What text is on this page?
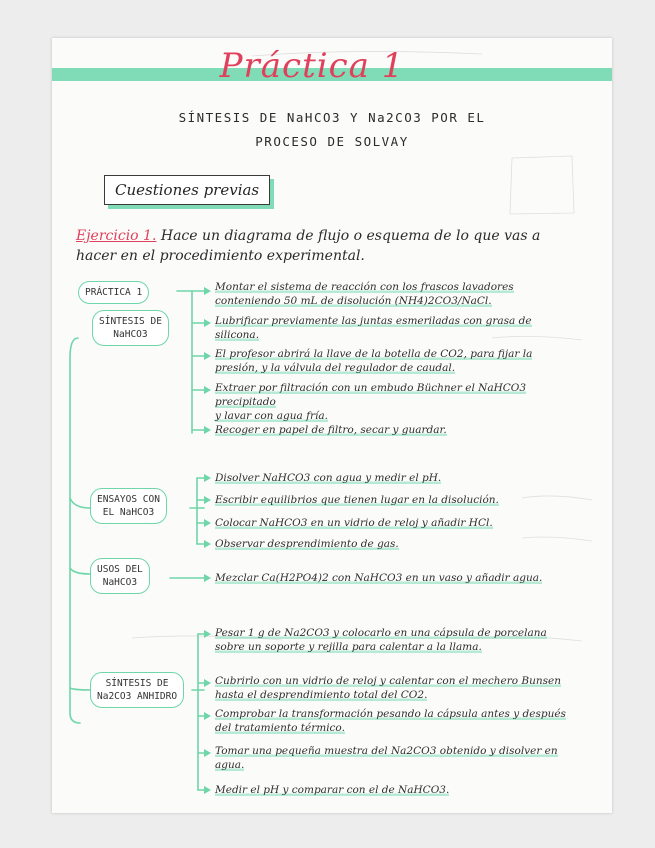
Práctica 1
SÍNTESIS DE NaHCO3 Y Na2CO3 POR EL
PROCESO DE SOLVAY
Cuestiones previas
Ejercicio 1. Hace un diagrama de flujo o esquema de lo que vas a
hacer en el procedimiento experimental.
PRÁCTICA 1
SÍNTESIS DE
NaHCO3
ENSAYOS CON
EL NaHCO3
USOS DEL
NaHCO3
SÍNTESIS DE
Na2CO3 ANHIDRO
Montar el sistema de reacción con los frascos lavadores
conteniendo 50 mL de disolución (NH4)2CO3/NaCl.
Lubrificar previamente las juntas esmeriladas con grasa de
silicona.
El profesor abrirá la llave de la botella de CO2, para fijar la
presión, y la válvula del regulador de caudal.
Extraer por filtración con un embudo Büchner el NaHCO3 precipitado
y lavar con agua fría.
Recoger en papel de filtro, secar y guardar.
Disolver NaHCO3 con agua y medir el pH.
Escribir equilibrios que tienen lugar en la disolución.
Colocar NaHCO3 en un vidrio de reloj y añadir HCl.
Observar desprendimiento de gas.
Mezclar Ca(H2PO4)2 con NaHCO3 en un vaso y añadir agua.
Pesar 1 g de Na2CO3 y colocarlo en una cápsula de porcelana
sobre un soporte y rejilla para calentar a la llama.
Cubrirlo con un vidrio de reloj y calentar con el mechero Bunsen
hasta el desprendimiento total del CO2.
Comprobar la transformación pesando la cápsula antes y después
del tratamiento térmico.
Tomar una pequeña muestra del Na2CO3 obtenido y disolver en
agua.
Medir el pH y comparar con el de NaHCO3.
